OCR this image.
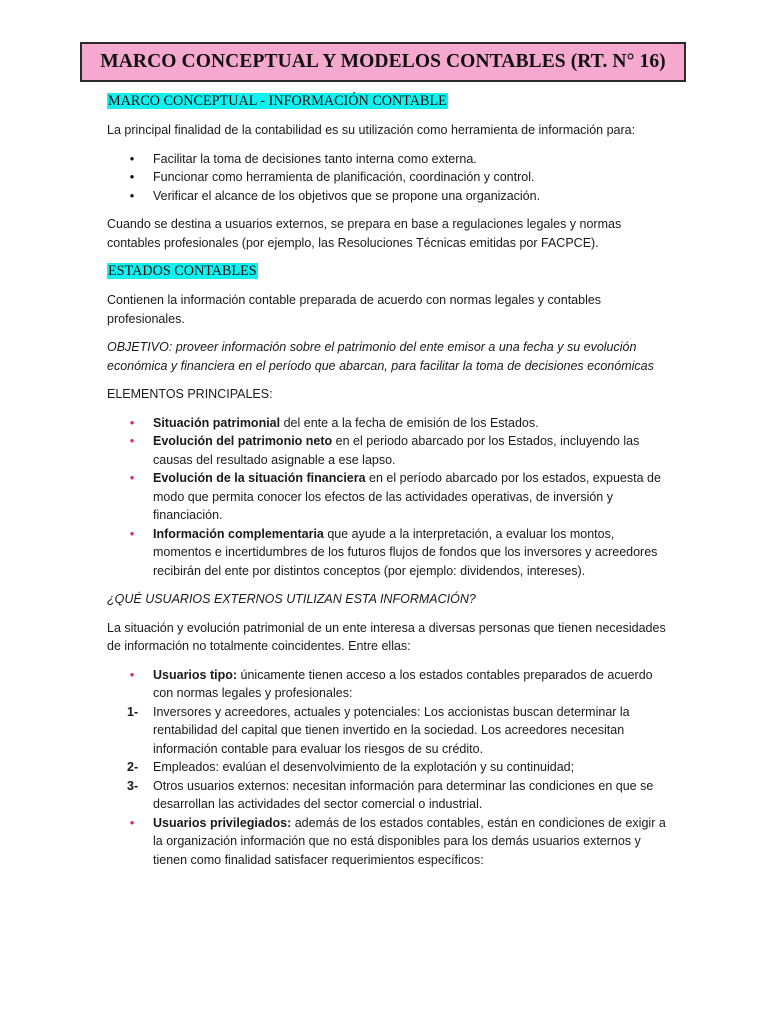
MARCO CONCEPTUAL Y MODELOS CONTABLES (RT. N° 16)
MARCO CONCEPTUAL - INFORMACIÓN CONTABLE

La principal finalidad de la contabilidad es su utilización como herramienta de información para:

• Facilitar la toma de decisiones tanto interna como externa.
• Funcionar como herramienta de planificación, coordinación y control.
• Verificar el alcance de los objetivos que se propone una organización.

Cuando se destina a usuarios externos, se prepara en base a regulaciones legales y normas contables profesionales (por ejemplo, las Resoluciones Técnicas emitidas por FACPCE).

ESTADOS CONTABLES

Contienen la información contable preparada de acuerdo con normas legales y contables profesionales.

OBJETIVO: proveer información sobre el patrimonio del ente emisor a una fecha y su evolución económica y financiera en el período que abarcan, para facilitar la toma de decisiones económicas

ELEMENTOS PRINCIPALES:

• Situación patrimonial del ente a la fecha de emisión de los Estados.
• Evolución del patrimonio neto en el periodo abarcado por los Estados, incluyendo las causas del resultado asignable a ese lapso.
• Evolución de la situación financiera en el período abarcado por los estados, expuesta de modo que permita conocer los efectos de las actividades operativas, de inversión y financiación.
• Información complementaria que ayude a la interpretación, a evaluar los montos, momentos e incertidumbres de los futuros flujos de fondos que los inversores y acreedores recibirán del ente por distintos conceptos (por ejemplo: dividendos, intereses).

¿QUÉ USUARIOS EXTERNOS UTILIZAN ESTA INFORMACIÓN?

La situación y evolución patrimonial de un ente interesa a diversas personas que tienen necesidades de información no totalmente coincidentes. Entre ellas:

• Usuarios tipo: únicamente tienen acceso a los estados contables preparados de acuerdo con normas legales y profesionales:
1- Inversores y acreedores, actuales y potenciales: Los accionistas buscan determinar la rentabilidad del capital que tienen invertido en la sociedad. Los acreedores necesitan información contable para evaluar los riesgos de su crédito.
2- Empleados: evalúan el desenvolvimiento de la explotación y su continuidad;
3- Otros usuarios externos: necesitan información para determinar las condiciones en que se desarrollan las actividades del sector comercial o industrial.
• Usuarios privilegiados: además de los estados contables, están en condiciones de exigir a la organización información que no está disponibles para los demás usuarios externos y tienen como finalidad satisfacer requerimientos específicos:
